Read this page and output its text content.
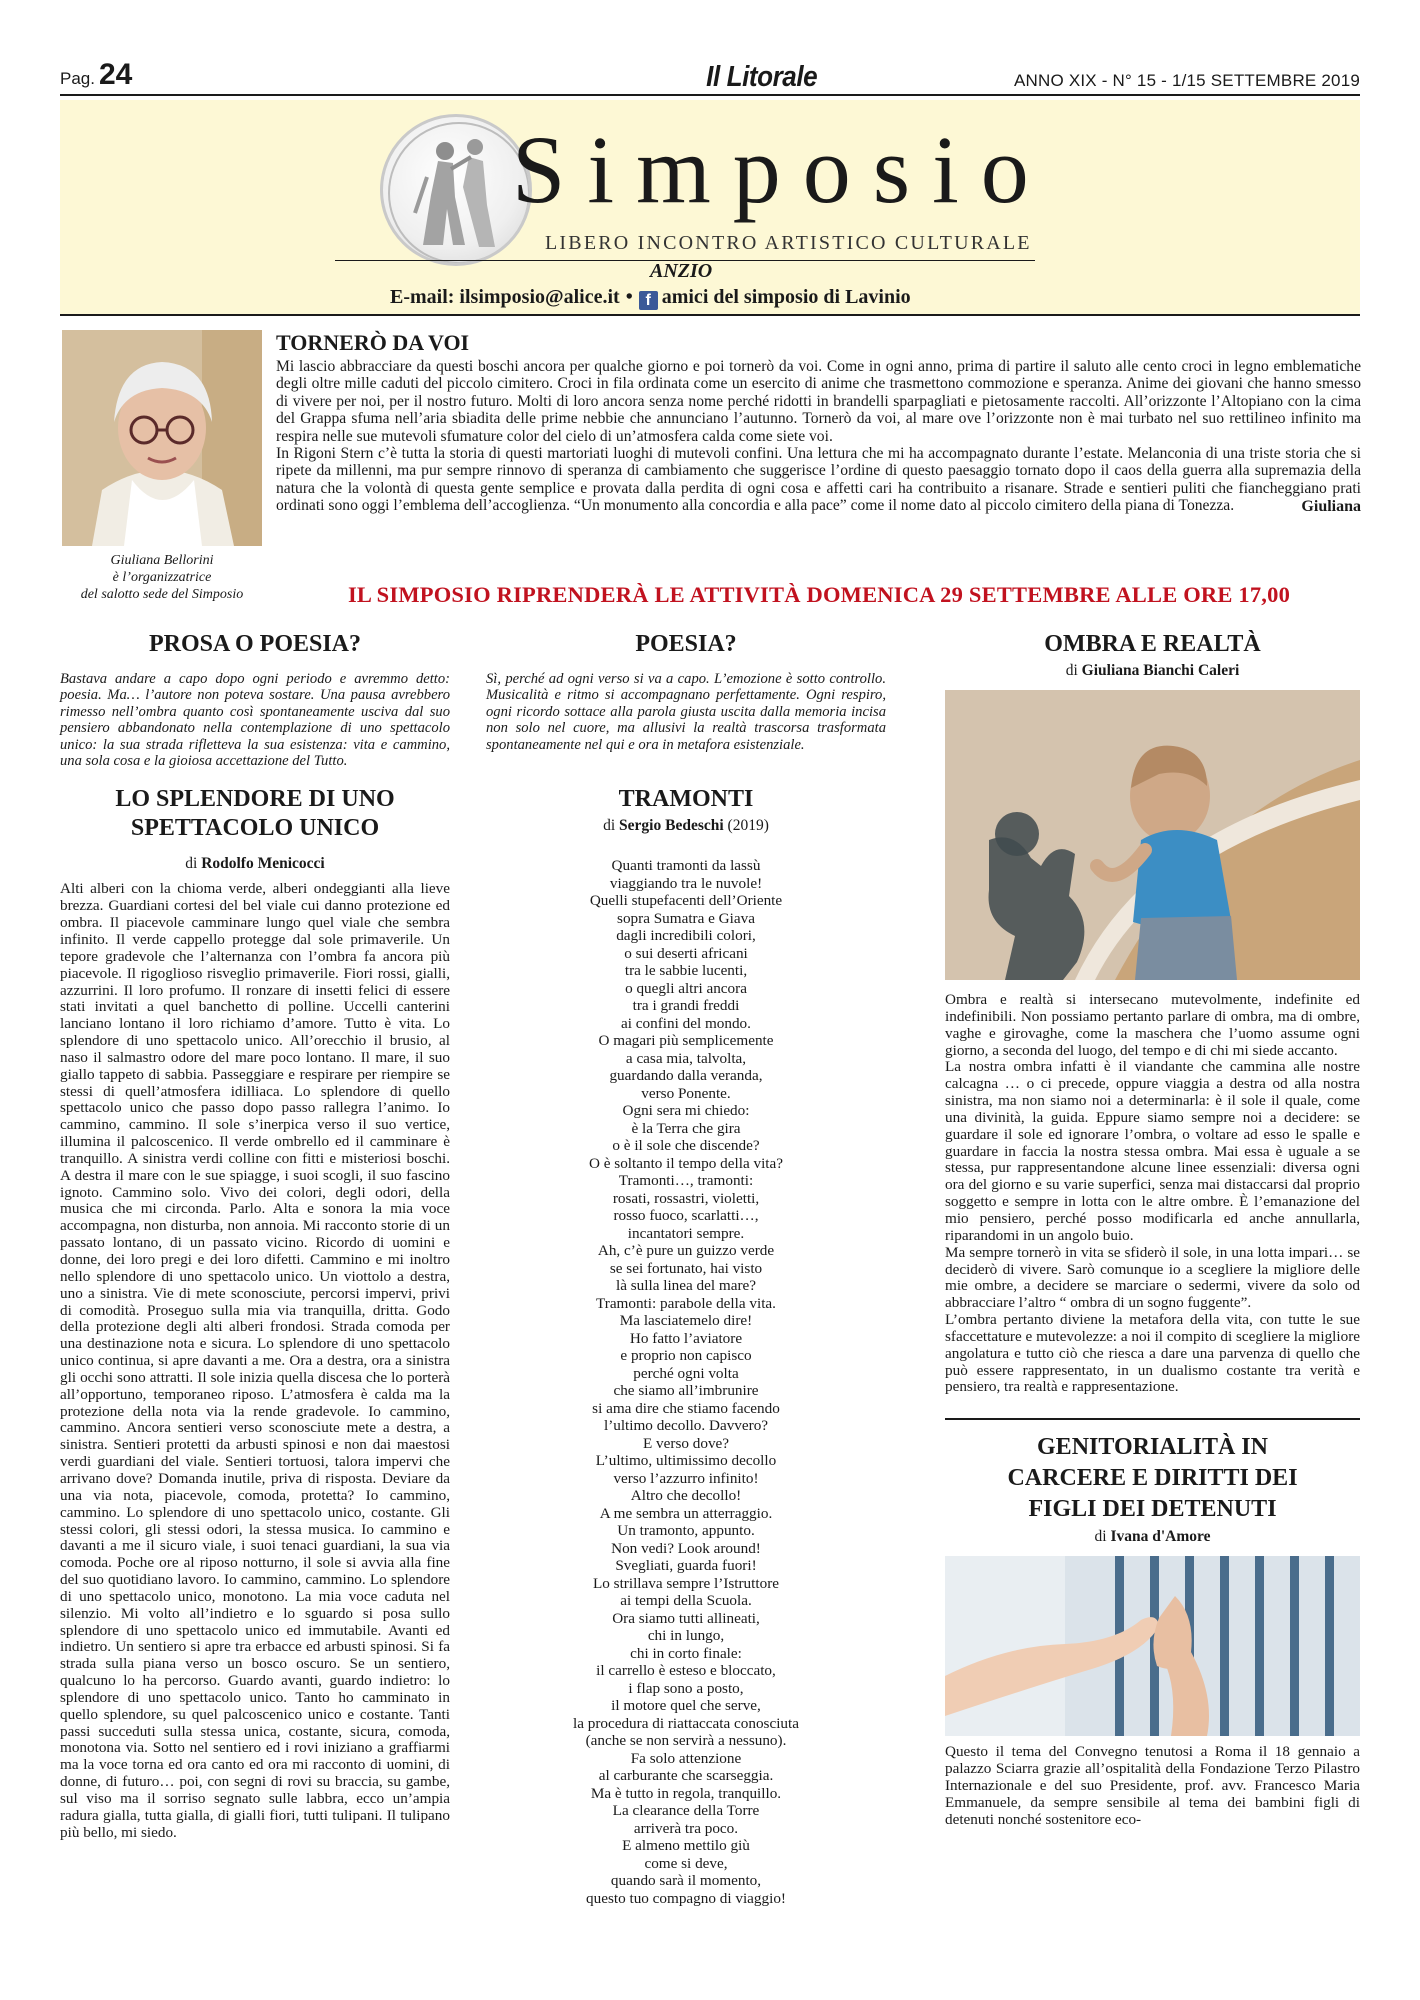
Pag. 24	Il Litorale	ANNO XIX - N° 15 - 1/15 SETTEMBRE 2019
Simposio
LIBERO INCONTRO ARTISTICO CULTURALE
ANZIO
E-mail: ilsimposio@alice.it • f amici del simposio di Lavinio
Giuliana Bellorini
è l’organizzatrice
del salotto sede del Simposio
TORNERÒ DA VOI

Mi lascio abbracciare da questi boschi ancora per qualche giorno e poi tornerò da voi. Come in ogni anno, prima di partire il saluto alle cento croci in legno emblematiche degli oltre mille caduti del piccolo cimitero. Croci in fila ordinata come un esercito di anime che trasmettono commozione e speranza. Anime dei giovani che hanno smesso di vivere per noi, per il nostro futuro. Molti di loro ancora senza nome perché ridotti in brandelli sparpagliati e pietosamente raccolti. All’orizzonte l’Altopiano con la cima del Grappa sfuma nell’aria sbiadita delle prime nebbie che annunciano l’autunno. Tornerò da voi, al mare ove l’orizzonte non è mai turbato nel suo rettilineo infinito ma respira nelle sue mutevoli sfumature color del cielo di un’atmosfera calda come siete voi.

In Rigoni Stern c’è tutta la storia di questi martoriati luoghi di mutevoli confini. Una lettura che mi ha accompagnato durante l’estate. Melanconia di una triste storia che si ripete da millenni, ma pur sempre rinnovo di speranza di cambiamento che suggerisce l’ordine di questo paesaggio tornato dopo il caos della guerra alla supremazia della natura che la volontà di questa gente semplice e provata dalla perdita di ogni cosa e affetti cari ha contribuito a risanare. Strade e sentieri puliti che fiancheggiano prati ordinati sono oggi l’emblema dell’accoglienza. “Un monumento alla concordia e alla pace” come il nome dato al piccolo cimitero della piana di Tonezza.	Giuliana

IL SIMPOSIO RIPRENDERÀ LE ATTIVITÀ DOMENICA 29 SETTEMBRE ALLE ORE 17,00
PROSA O POESIA?

Bastava andare a capo dopo ogni periodo e avremmo detto: poesia. Ma… l’autore non poteva sostare. Una pausa avrebbero rimesso nell’ombra quanto così spontaneamente usciva dal suo pensiero abbandonato nella contemplazione di uno spettacolo unico: la sua strada rifletteva la sua esistenza: vita e cammino, una sola cosa e la gioiosa accettazione del Tutto.

LO SPLENDORE DI UNO SPETTACOLO UNICO

di Rodolfo Menicocci

Alti alberi con la chioma verde, alberi ondeggianti alla lieve brezza. Guardiani cortesi del bel viale cui danno protezione ed ombra. Il piacevole camminare lungo quel viale che sembra infinito. Il verde cappello protegge dal sole primaverile. Un tepore gradevole che l’alternanza con l’ombra fa ancora più piacevole. Il rigoglioso risveglio primaverile. Fiori rossi, gialli, azzurrini. Il loro profumo. Il ronzare di insetti felici di essere stati invitati a quel banchetto di polline. Uccelli canterini lanciano lontano il loro richiamo d’amore. Tutto è vita. Lo splendore di uno spettacolo unico. All’orecchio il brusio, al naso il salmastro odore del mare poco lontano. Il mare, il suo giallo tappeto di sabbia. Passeggiare e respirare per riempire se stessi di quell’atmosfera idilliaca. Lo splendore di quello spettacolo unico che passo dopo passo rallegra l’animo. Io cammino, cammino. Il sole s’inerpica verso il suo vertice, illumina il palcoscenico. Il verde ombrello ed il camminare è tranquillo. A sinistra verdi colline con fitti e misteriosi boschi. A destra il mare con le sue spiagge, i suoi scogli, il suo fascino ignoto. Cammino solo. Vivo dei colori, degli odori, della musica che mi circonda. Parlo. Alta e sonora la mia voce accompagna, non disturba, non annoia. Mi racconto storie di un passato lontano, di un passato vicino. Ricordo di uomini e donne, dei loro pregi e dei loro difetti. Cammino e mi inoltro nello splendore di uno spettacolo unico. Un viottolo a destra, uno a sinistra. Vie di mete sconosciute, percorsi impervi, privi di comodità. Proseguo sulla mia via tranquilla, dritta. Godo della protezione degli alti alberi frondosi. Strada comoda per una destinazione nota e sicura. Lo splendore di uno spettacolo unico continua, si apre davanti a me. Ora a destra, ora a sinistra gli occhi sono attratti. Il sole inizia quella discesa che lo porterà all’opportuno, temporaneo riposo. L’atmosfera è calda ma la protezione della nota via la rende gradevole. Io cammino, cammino. Ancora sentieri verso sconosciute mete a destra, a sinistra. Sentieri protetti da arbusti spinosi e non dai maestosi verdi guardiani del viale. Sentieri tortuosi, talora impervi che arrivano dove? Domanda inutile, priva di risposta. Deviare da una via nota, piacevole, comoda, protetta? Io cammino, cammino. Lo splendore di uno spettacolo unico, costante. Gli stessi colori, gli stessi odori, la stessa musica. Io cammino e davanti a me il sicuro viale, i suoi tenaci guardiani, la sua via comoda. Poche ore al riposo notturno, il sole si avvia alla fine del suo quotidiano lavoro. Io cammino, cammino. Lo splendore di uno spettacolo unico, monotono. La mia voce caduta nel silenzio. Mi volto all’indietro e lo sguardo si posa sullo splendore di uno spettacolo unico ed immutabile. Avanti ed indietro. Un sentiero si apre tra erbacce ed arbusti spinosi. Si fa strada sulla piana verso un bosco oscuro. Se un sentiero, qualcuno lo ha percorso. Guardo avanti, guardo indietro: lo splendore di uno spettacolo unico. Tanto ho camminato in quello splendore, su quel palcoscenico unico e costante. Tanti passi succeduti sulla stessa unica, costante, sicura, comoda, monotona via. Sotto nel sentiero ed i rovi iniziano a graffiarmi ma la voce torna ed ora canto ed ora mi racconto di uomini, di donne, di futuro… poi, con segni di rovi su braccia, su gambe, sul viso ma il sorriso segnato sulle labbra, ecco un’ampia radura gialla, tutta gialla, di gialli fiori, tutti tulipani. Il tulipano più bello, mi siedo.

POESIA?

Sì, perché ad ogni verso si va a capo. L’emozione è sotto controllo. Musicalità e ritmo si accompagnano perfettamente. Ogni respiro, ogni ricordo sottace alla parola giusta uscita dalla memoria incisa non solo nel cuore, ma allusivi la realtà trascorsa trasformata spontaneamente nel qui e ora in metafora esistenziale.

TRAMONTI

di Sergio Bedeschi (2019)

Quanti tramonti da lassù
viaggiando tra le nuvole!
Quelli stupefacenti dell’Oriente
sopra Sumatra e Giava
dagli incredibili colori,
o sui deserti africani
tra le sabbie lucenti,
o quegli altri ancora
tra i grandi freddi
ai confini del mondo.
O magari più semplicemente
a casa mia, talvolta,
guardando dalla veranda,
verso Ponente.
Ogni sera mi chiedo:
è la Terra che gira
o è il sole che discende?
O è soltanto il tempo della vita?
Tramonti…, tramonti:
rosati, rossastri, violetti,
rosso fuoco, scarlatti…,
incantatori sempre.
Ah, c’è pure un guizzo verde
se sei fortunato, hai visto
là sulla linea del mare?
Tramonti: parabole della vita.
Ma lasciatemelo dire!
Ho fatto l’aviatore
e proprio non capisco
perché ogni volta
che siamo all’imbrunire
si ama dire che stiamo facendo
l’ultimo decollo. Davvero?
E verso dove?
L’ultimo, ultimissimo decollo
verso l’azzurro infinito!
Altro che decollo!
A me sembra un atterraggio.
Un tramonto, appunto.
Non vedi? Look around!
Svegliati, guarda fuori!
Lo strillava sempre l’Istruttore
ai tempi della Scuola.
Ora siamo tutti allineati,
chi in lungo,
chi in corto finale:
il carrello è esteso e bloccato,
i flap sono a posto,
il motore quel che serve,
la procedura di riattaccata conosciuta
(anche se non servirà a nessuno).
Fa solo attenzione
al carburante che scarseggia.
Ma è tutto in regola, tranquillo.
La clearance della Torre
arriverà tra poco.
E almeno mettilo giù
come si deve,
quando sarà il momento,
questo tuo compagno di viaggio!
OMBRA E REALTÀ

di Giuliana Bianchi Caleri

Ombra e realtà si intersecano mutevolmente, indefinite ed indefinibili. Non possiamo pertanto parlare di ombra, ma di ombre, vaghe e girovaghe, come la maschera che l’uomo assume ogni giorno, a seconda del luogo, del tempo e di chi mi siede accanto.

La nostra ombra infatti è il viandante che cammina alle nostre calcagna … o ci precede, oppure viaggia a destra od alla nostra sinistra, ma non siamo noi a determinarla: è il sole il quale, come una divinità, la guida. Eppure siamo sempre noi a decidere: se guardare il sole ed ignorare l’ombra, o voltare ad esso le spalle e guardare in faccia la nostra stessa ombra. Mai essa è uguale a se stessa, pur rappresentandone alcune linee essenziali: diversa ogni ora del giorno e su varie superfici, senza mai distaccarsi dal proprio soggetto e sempre in lotta con le altre ombre. È l’emanazione del mio pensiero, perché posso modificarla ed anche annullarla, riparandomi in un angolo buio.

Ma sempre tornerò in vita se sfiderò il sole, in una lotta impari… se deciderò di vivere. Sarò comunque io a scegliere la migliore delle mie ombre, a decidere se marciare o sedermi, vivere da solo od abbracciare l’altro “ ombra di un sogno fuggente”.

L’ombra pertanto diviene la metafora della vita, con tutte le sue sfaccettature e mutevolezze: a noi il compito di scegliere la migliore angolatura e tutto ciò che riesca a dare una parvenza di quello che può essere rappresentato, in un dualismo costante tra verità e pensiero, tra realtà e rappresentazione.

GENITORIALITÀ IN CARCERE E DIRITTI DEI FIGLI DEI DETENUTI

di Ivana d'Amore

Questo il tema del Convegno tenutosi a Roma il 18 gennaio a palazzo Sciarra grazie all’ospitalità della Fondazione Terzo Pilastro Internazionale e del suo Presidente, prof. avv. Francesco Maria Emmanuele, da sempre sensibile al tema dei bambini figli di detenuti nonché sostenitore eco-
